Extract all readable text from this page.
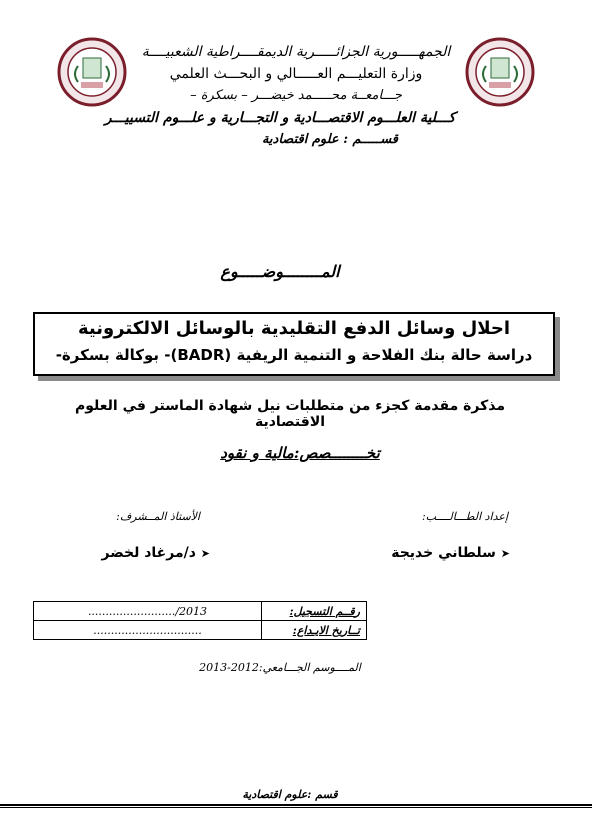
الجمهـــــورية الجزائـــــرية الديمقــــراطية الشعبيــــة
وزارة التعليـــم العـــــالي و البحـــث العلمي
جـــامعــة محـــــمد خيضـــر – بسكرة –
كـــلية العلـــوم الاقتصـــادية و التجـــارية و علـــوم التسييـــر
قســـــم : علوم اقتصادية
المــــــــوضـــــوع
احلال وسائل الدفع التقليدية بالوسائل الالكترونية
دراسة حالة بنك الفلاحة و التنمية الريفية (BADR)- بوكالة بسكرة-
مذكرة مقدمة كجزء من متطلبات نيل شهادة الماستر في العلوم الاقتصادية
تخــــــــصص:مالية و نقود
إعداد الطـــالــــب:
الأستاذ المــشرف:
➤ سلطاني خديجة
➤ د/مرغاد لخضر
........................./2013	رقــم التسجيل:
...............................	تــاريخ الايـداع:
المــــوسم الجـــامعي:2012-2013
قسم :علوم اقتصادية
